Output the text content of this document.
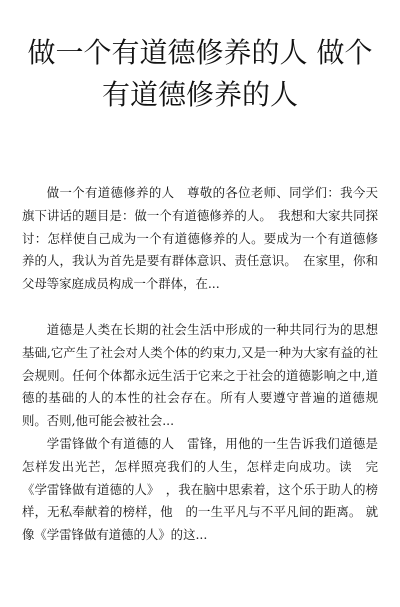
做一个有道德修养的人 做个有道德修养的人

做一个有道德修养的人　尊敬的各位老师、同学们：我今天旗下讲话的题目是：做一个有道德修养的人。　我想和大家共同探讨：怎样使自己成为一个有道德修养的人。要成为一个有道德修养的人，我认为首先是要有群体意识、责任意识。　在家里，你和父母等家庭成员构成一个群体，在...

道德是人类在长期的社会生活中形成的一种共同行为的思想基础,它产生了社会对人类个体的约束力,又是一种为大家有益的社会规则。任何个体都永远生活于它来之于社会的道德影响之中,道德的基础的人的本性的社会存在。所有人要遵守普遍的道德规则。否则,他可能会被社会...

学雷锋做个有道德的人　雷锋，用他的一生告诉我们道德是怎样发出光芒，怎样照亮我们的人生，怎样走向成功。读　完《学雷锋做有道德的人》　，我在脑中思索着，这个乐于助人的榜样，无私奉献着的榜样，他　的一生平凡与不平凡间的距离。 就像《学雷锋做有道德的人》的这...
